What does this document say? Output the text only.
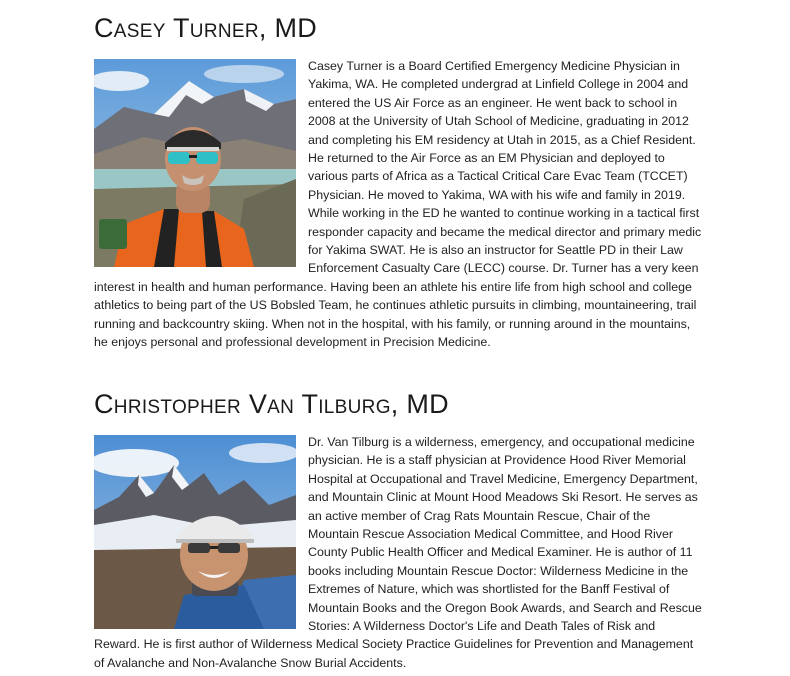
Casey Turner, MD

Casey Turner is a Board Certified Emergency Medicine Physician in Yakima, WA. He completed undergrad at Linfield College in 2004 and entered the US Air Force as an engineer. He went back to school in 2008 at the University of Utah School of Medicine, graduating in 2012 and completing his EM residency at Utah in 2015, as a Chief Resident. He returned to the Air Force as an EM Physician and deployed to various parts of Africa as a Tactical Critical Care Evac Team (TCCET) Physician. He moved to Yakima, WA with his wife and family in 2019. While working in the ED he wanted to continue working in a tactical first responder capacity and became the medical director and primary medic for Yakima SWAT. He is also an instructor for Seattle PD in their Law Enforcement Casualty Care (LECC) course. Dr. Turner has a very keen interest in health and human performance. Having been an athlete his entire life from high school and college athletics to being part of the US Bobsled Team, he continues athletic pursuits in climbing, mountaineering, trail running and backcountry skiing. When not in the hospital, with his family, or running around in the mountains, he enjoys personal and professional development in Precision Medicine.

Christopher Van Tilburg, MD

Dr. Van Tilburg is a wilderness, emergency, and occupational medicine physician. He is a staff physician at Providence Hood River Memorial Hospital at Occupational and Travel Medicine, Emergency Department, and Mountain Clinic at Mount Hood Meadows Ski Resort. He serves as an active member of Crag Rats Mountain Rescue, Chair of the Mountain Rescue Association Medical Committee, and Hood River County Public Health Officer and Medical Examiner. He is author of 11 books including Mountain Rescue Doctor: Wilderness Medicine in the Extremes of Nature, which was shortlisted for the Banff Festival of Mountain Books and the Oregon Book Awards, and Search and Rescue Stories: A Wilderness Doctor's Life and Death Tales of Risk and Reward. He is first author of Wilderness Medical Society Practice Guidelines for Prevention and Management of Avalanche and Non-Avalanche Snow Burial Accidents.
